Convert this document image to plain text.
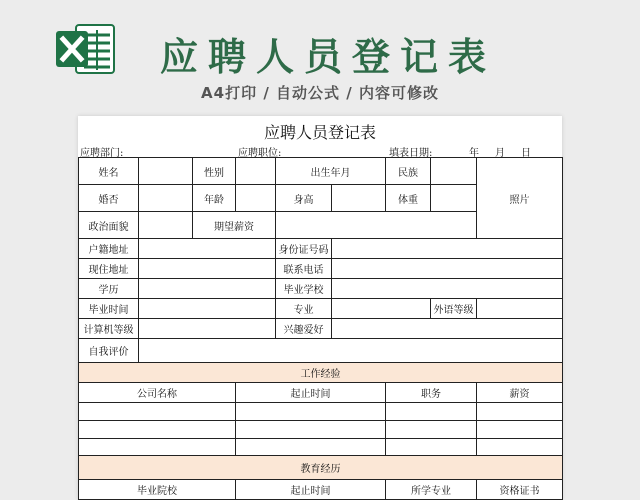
应聘人员登记表
A4打印 / 自动公式 / 内容可修改
应聘人员登记表
应聘部门:	应聘职位:	填表日期:	年 月 日
姓名		性别		出生年月		民族		照片
婚否		年龄		身高		体重		
政治面貌		期望薪资						
户籍地址				身份证号码				
现住地址				联系电话				
学历				毕业学校				
毕业时间				专业			外语等级	
计算机等级				兴趣爱好				
自我评价								
工作经验								
公司名称			起止时间			职务		薪资

教育经历								
毕业院校			起止时间			所学专业		资格证书
